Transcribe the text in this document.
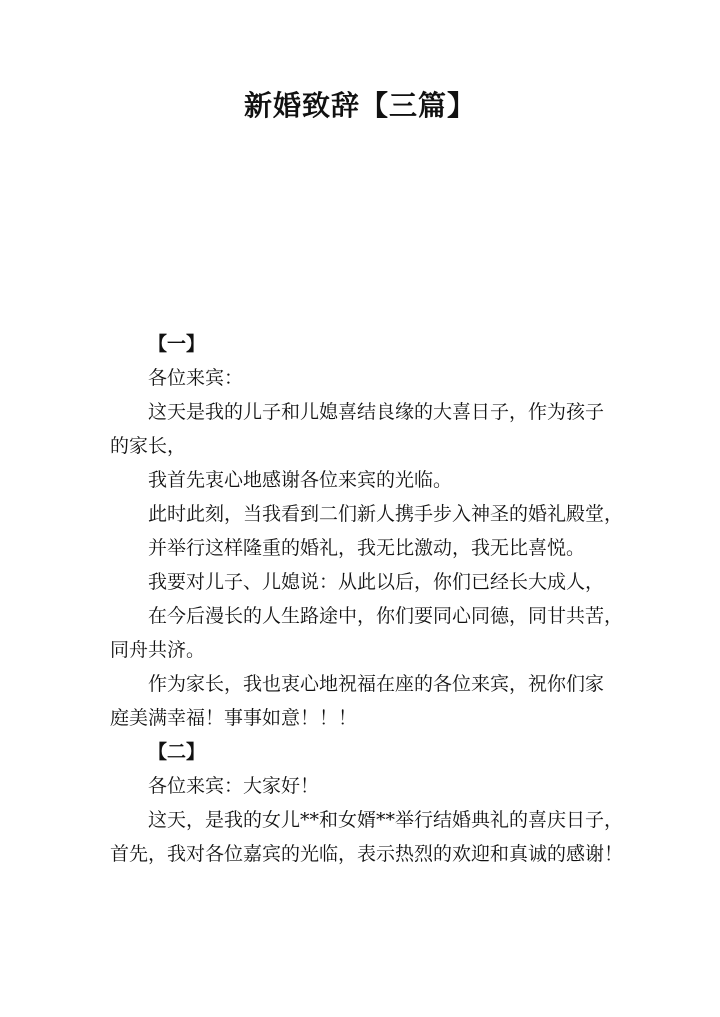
新婚致辞【三篇】

【一】

各位来宾：

这天是我的儿子和儿媳喜结良缘的大喜日子，作为孩子

的家长，

我首先衷心地感谢各位来宾的光临。

此时此刻，当我看到二们新人携手步入神圣的婚礼殿堂，

并举行这样隆重的婚礼，我无比激动，我无比喜悦。

我要对儿子、儿媳说：从此以后，你们已经长大成人，

在今后漫长的人生路途中，你们要同心同德，同甘共苦，

同舟共济。

作为家长，我也衷心地祝福在座的各位来宾，祝你们家

庭美满幸福！事事如意！！！

【二】

各位来宾：大家好！

这天，是我的女儿**和女婿**举行结婚典礼的喜庆日子，

首先，我对各位嘉宾的光临，表示热烈的欢迎和真诚的感谢！
